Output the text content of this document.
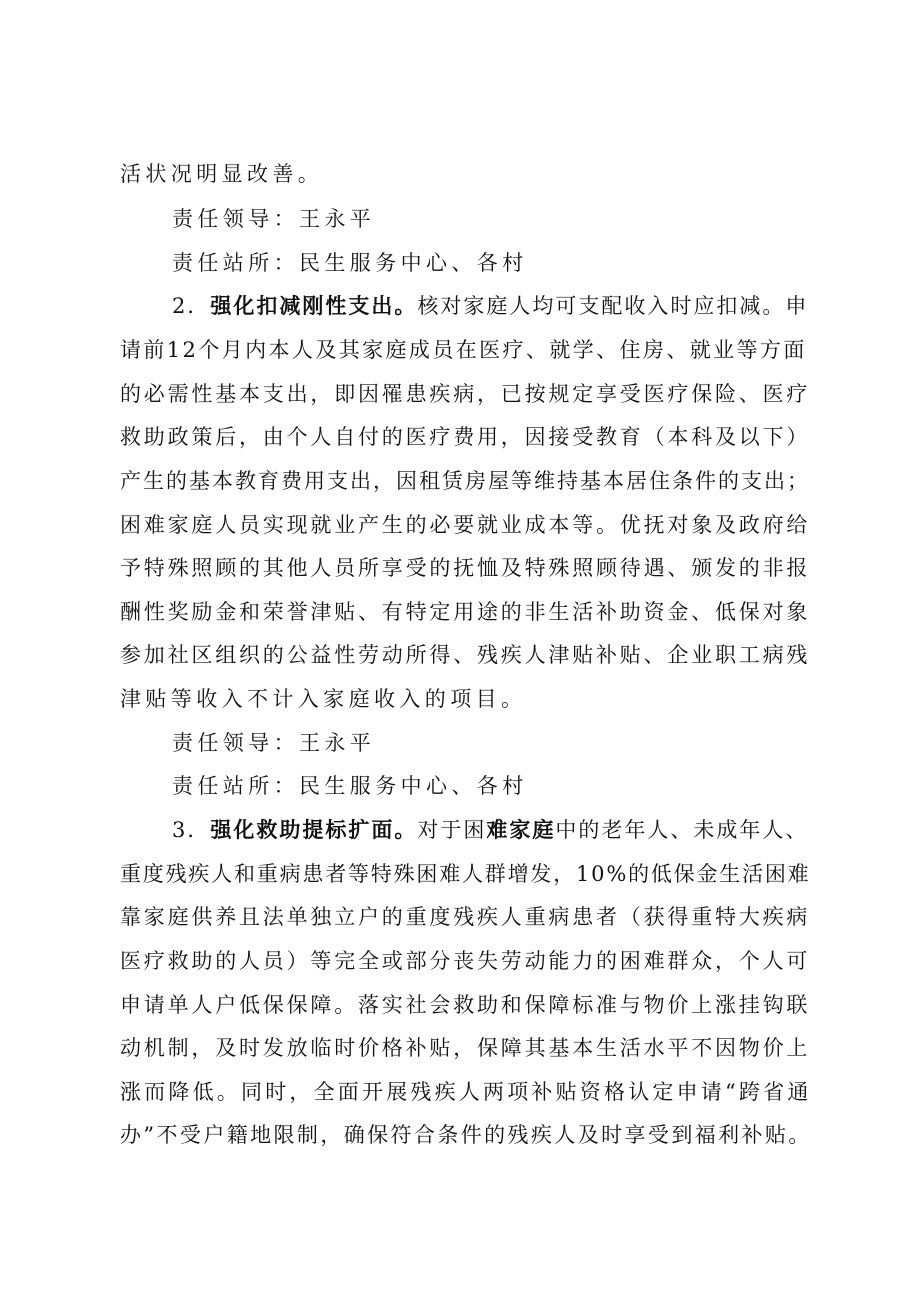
活状况明显改善。
责任领导：王永平
责任站所：民生服务中心、各村
2．强化扣减刚性支出。核对家庭人均可支配收入时应扣减。申
请前12个月内本人及其家庭成员在医疗、就学、住房、就业等方面
的必需性基本支出，即因罹患疾病，已按规定享受医疗保险、医疗
救助政策后，由个人自付的医疗费用，因接受教育（本科及以下）
产生的基本教育费用支出，因租赁房屋等维持基本居住条件的支出；
困难家庭人员实现就业产生的必要就业成本等。优抚对象及政府给
予特殊照顾的其他人员所享受的抚恤及特殊照顾待遇、颁发的非报
酬性奖励金和荣誉津贴、有特定用途的非生活补助资金、低保对象
参加社区组织的公益性劳动所得、残疾人津贴补贴、企业职工病残
津贴等收入不计入家庭收入的项目。
责任领导：王永平
责任站所：民生服务中心、各村
3．强化救助提标扩面。对于困难家庭中的老年人、未成年人、
重度残疾人和重病患者等特殊困难人群增发，10%的低保金生活困难
靠家庭供养且法单独立户的重度残疾人重病患者（获得重特大疾病
医疗救助的人员）等完全或部分丧失劳动能力的困难群众，个人可
申请单人户低保保障。落实社会救助和保障标准与物价上涨挂钩联
动机制，及时发放临时价格补贴，保障其基本生活水平不因物价上
涨而降低。同时，全面开展残疾人两项补贴资格认定申请“跨省通
办”不受户籍地限制，确保符合条件的残疾人及时享受到福利补贴。
